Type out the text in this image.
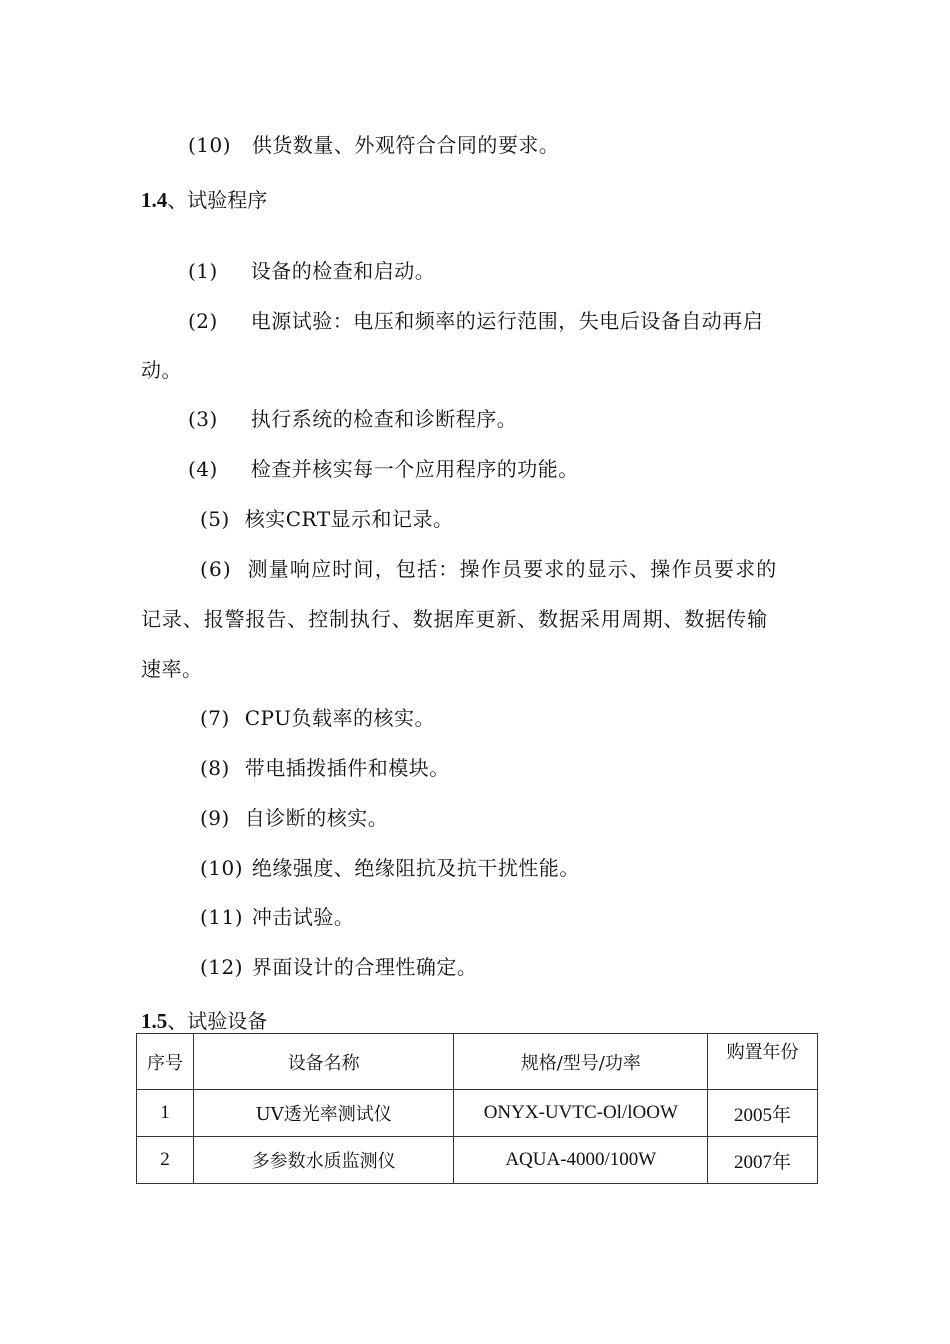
(10) 供货数量、外观符合合同的要求。
1.4、试验程序
(1) 设备的检查和启动。
(2) 电源试验：电压和频率的运行范围，失电后设备自动再启
动。
(3) 执行系统的检查和诊断程序。
(4) 检查并核实每一个应用程序的功能。
(5) 核实CRT显示和记录。
(6) 测量响应时间，包括：操作员要求的显示、操作员要求的
记录、报警报告、控制执行、数据库更新、数据采用周期、数据传输
速率。
(7) CPU负载率的核实。
(8) 带电插拨插件和模块。
(9) 自诊断的核实。
(10) 绝缘强度、绝缘阻抗及抗干扰性能。
(11) 冲击试验。
(12) 界面设计的合理性确定。
1.5、试验设备
序号	设备名称	规格/型号/功率	购置年份
1	UV透光率测试仪	ONYX-UVTC-Ol/lOOW	2005年
2	多参数水质监测仪	AQUA-4000/100W	2007年
